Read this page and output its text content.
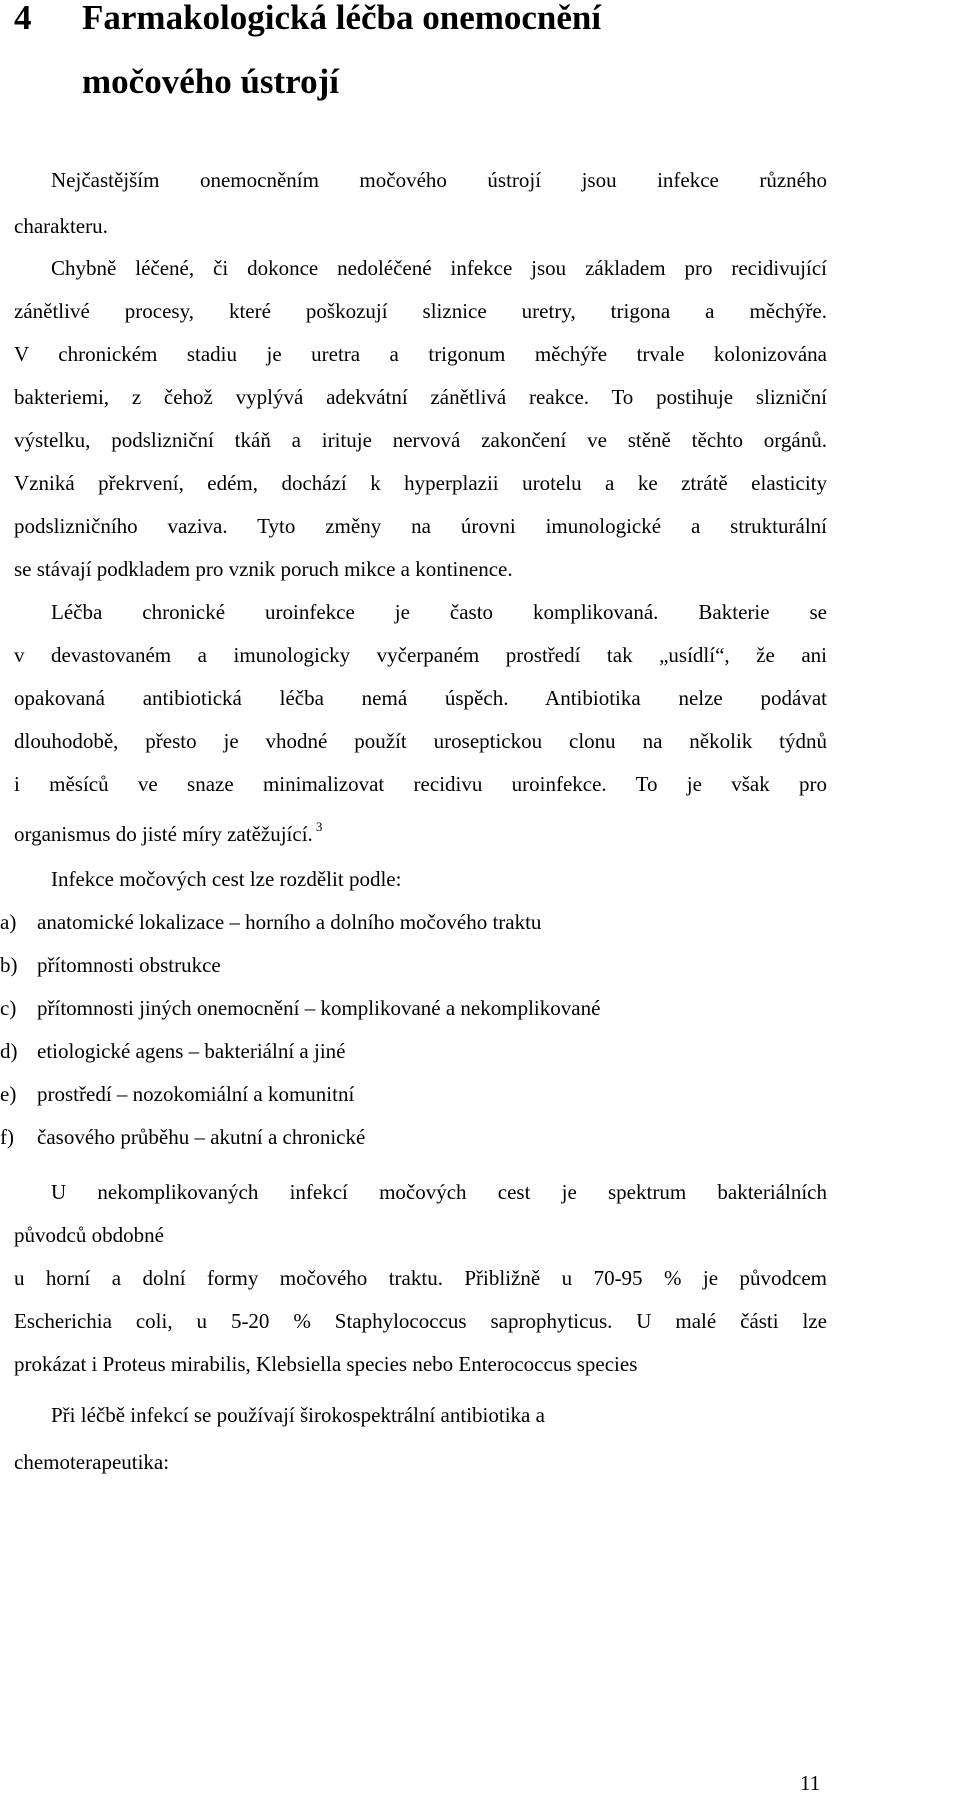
4 Farmakologická léčba onemocnění
močového ústrojí
Nejčastějším onemocněním močového ústrojí jsou infekce různého
charakteru.
Chybně léčené, či dokonce nedoléčené infekce jsou základem pro recidivující
zánětlivé procesy, které poškozují sliznice uretry, trigona a měchýře.
V chronickém stadiu je uretra a trigonum měchýře trvale kolonizována
bakteriemi, z čehož vyplývá adekvátní zánětlivá reakce. To postihuje slizniční
výstelku, podslizniční tkáň a irituje nervová zakončení ve stěně těchto orgánů.
Vzniká překrvení, edém, dochází k hyperplazii urotelu a ke ztrátě elasticity
podslizničního vaziva. Tyto změny na úrovni imunologické a strukturální
se stávají podkladem pro vznik poruch mikce a kontinence.
Léčba chronické uroinfekce je často komplikovaná. Bakterie se
v devastovaném a imunologicky vyčerpaném prostředí tak „usídlí“, že ani
opakovaná antibiotická léčba nemá úspěch. Antibiotika nelze podávat
dlouhodobě, přesto je vhodné použít uroseptickou clonu na několik týdnů
i měsíců ve snaze minimalizovat recidivu uroinfekce. To je však pro
organismus do jisté míry zatěžující. $^3$
Infekce močových cest lze rozdělit podle:
a) anatomické lokalizace – horního a dolního močového traktu
b) přítomnosti obstrukce
c) přítomnosti jiných onemocnění – komplikované a nekomplikované
d) etiologické agens – bakteriální a jiné
e) prostředí – nozokomiální a komunitní
f) časového průběhu – akutní a chronické
U nekomplikovaných infekcí močových cest je spektrum bakteriálních
původců obdobné
u horní a dolní formy močového traktu. Přibližně u 70-95 % je původcem
Escherichia coli, u 5-20 % Staphylococcus saprophyticus. U malé části lze
prokázat i Proteus mirabilis, Klebsiella species nebo Enterococcus species
Při léčbě infekcí se používají širokospektrální antibiotika a
chemoterapeutika:
11
